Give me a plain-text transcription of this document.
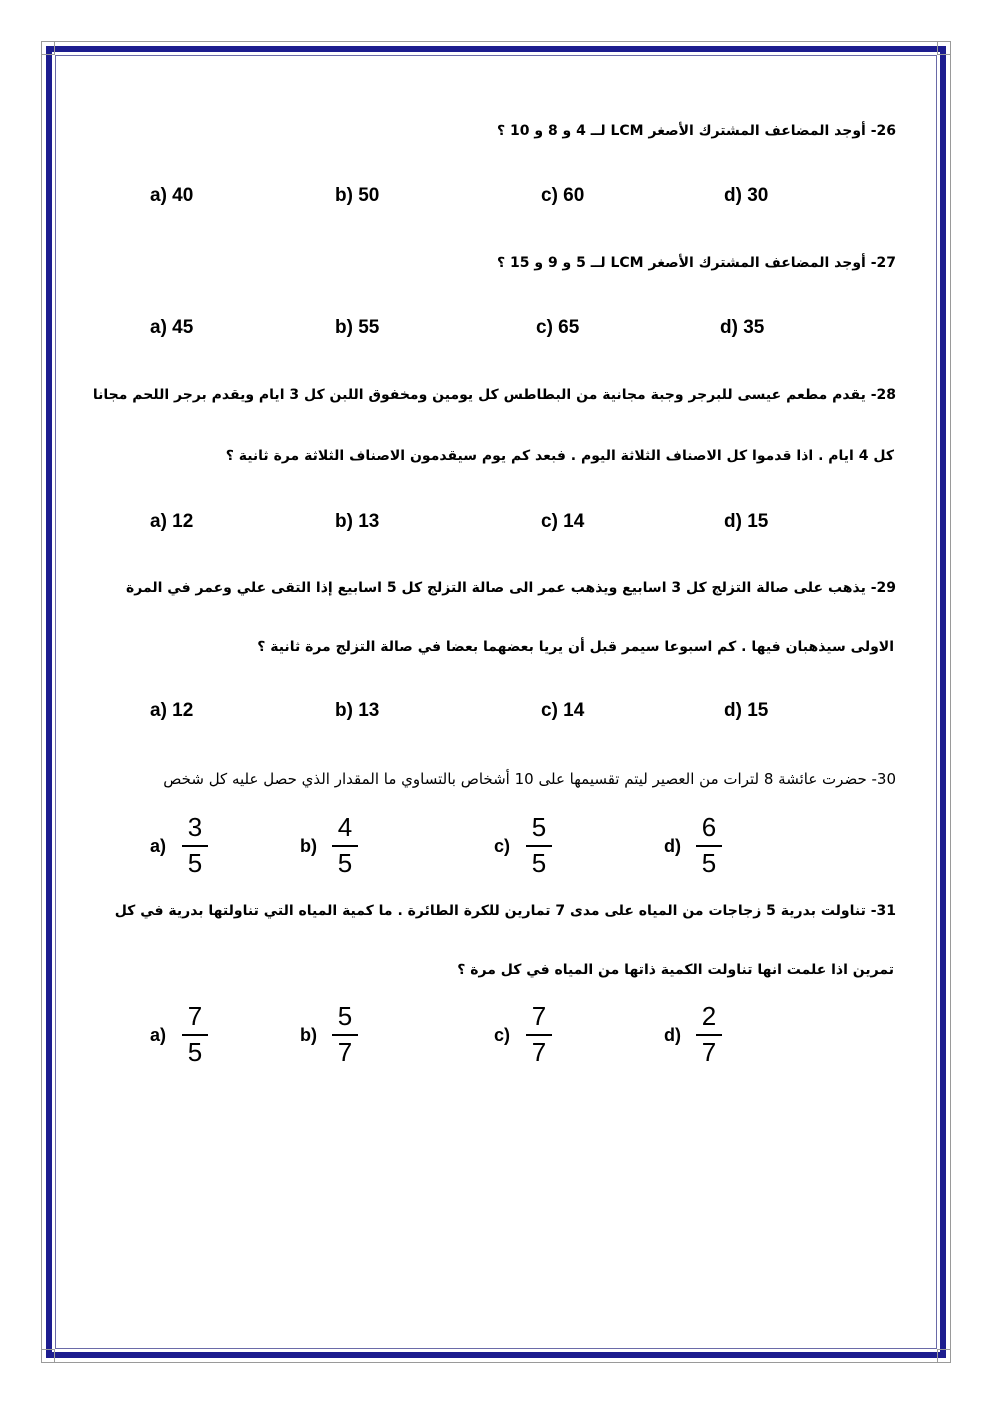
26- أوجد المضاعف المشترك الأصغر LCM لــ 4 و 8 و 10 ؟
a) 40	b) 50	c) 60	d) 30
27- أوجد المضاعف المشترك الأصغر LCM لــ 5 و 9 و 15 ؟
a) 45	b) 55	c) 65	d) 35
28- يقدم مطعم عيسى للبرجر وجبة مجانية من البطاطس كل يومين ومخفوق اللبن كل 3 ايام ويقدم برجر اللحم مجانا
كل 4 ايام . اذا قدموا كل الاصناف الثلاثة اليوم . فبعد كم يوم سيقدمون الاصناف الثلاثة مرة ثانية ؟
a) 12	b) 13	c) 14	d) 15
29- يذهب على صالة التزلج كل 3 اسابيع ويذهب عمر الى صالة التزلج كل 5 اسابيع إذا التقى علي وعمر في المرة
الاولى سيذهبان فيها . كم اسبوعا سيمر قبل أن يريا بعضهما بعضا في صالة التزلج مرة ثانية ؟
a) 12	b) 13	c) 14	d) 15
30- حضرت عائشة 8 لترات من العصير ليتم تقسيمها على 10 أشخاص بالتساوي ما المقدار الذي حصل عليه كل شخص
a)
3
5
b)
4
5
c)
5
5
d)
6
5
31- تناولت بدرية 5 زجاجات من المياه على مدى 7 تمارين للكرة الطائرة . ما كمية المياه التي تناولتها بدرية في كل
تمرين اذا علمت انها تناولت الكمية ذاتها من المياه في كل مرة ؟
a)
7
5
b)
5
7
c)
7
7
d)
2
7
